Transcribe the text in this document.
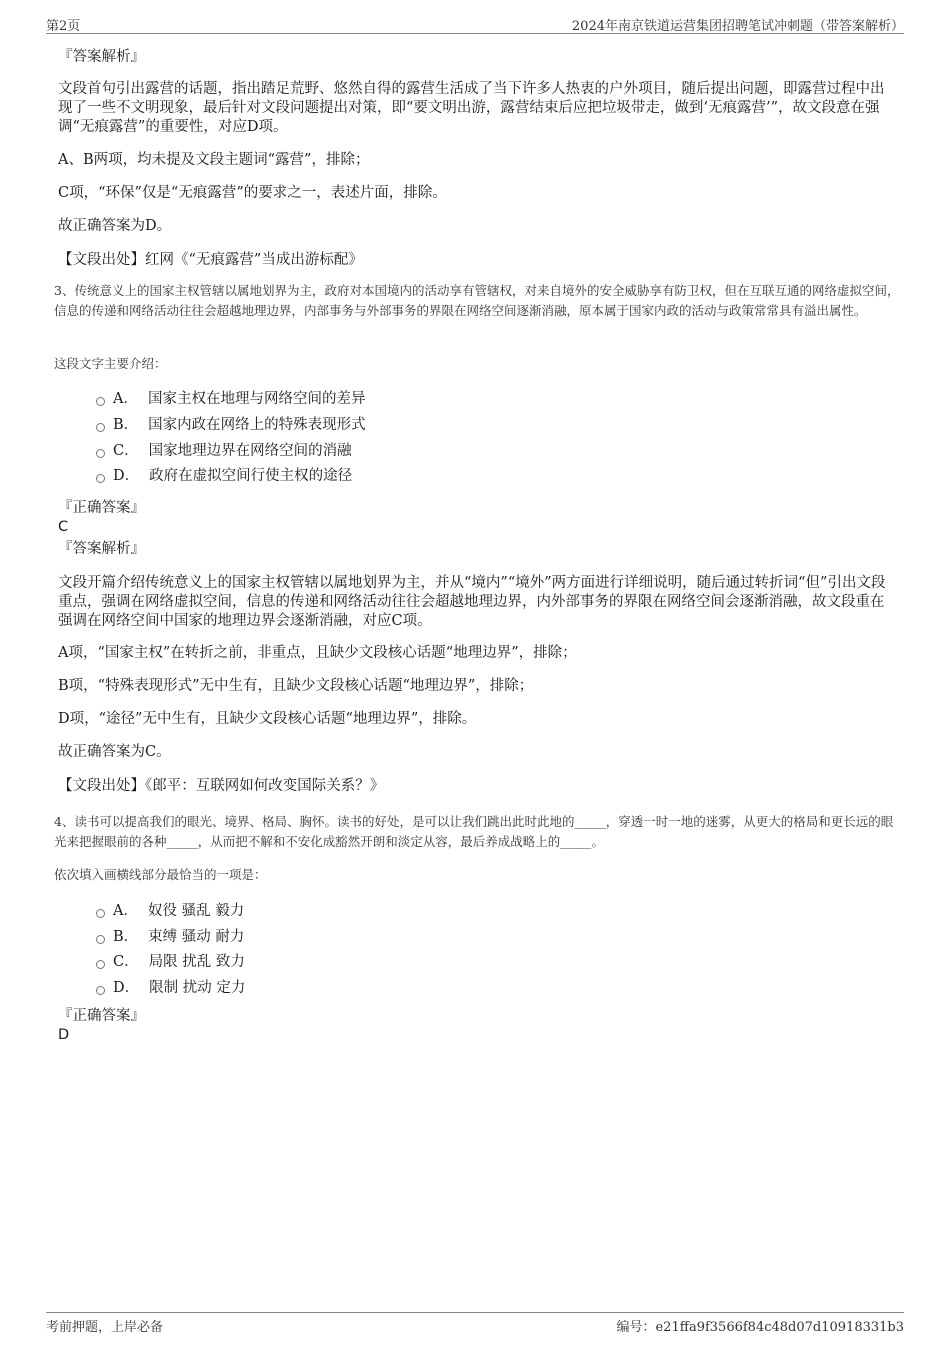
第2页	2024年南京铁道运营集团招聘笔试冲刺题（带答案解析）
『答案解析』
文段首句引出露营的话题，指出踏足荒野、悠然自得的露营生活成了当下许多人热衷的户外项目，随后提出问题，即露营过程中出现了一些不文明现象，最后针对文段问题提出对策，即“要文明出游，露营结束后应把垃圾带走，做到‘无痕露营’”，故文段意在强调“无痕露营”的重要性，对应D项。
A、B两项，均未提及文段主题词“露营”，排除；
C项，“环保”仅是“无痕露营”的要求之一，表述片面，排除。
故正确答案为D。
【文段出处】红网《“无痕露营”当成出游标配》
3、传统意义上的国家主权管辖以属地划界为主，政府对本国境内的活动享有管辖权，对来自境外的安全威胁享有防卫权，但在互联互通的网络虚拟空间，信息的传递和网络活动往往会超越地理边界，内部事务与外部事务的界限在网络空间逐渐消融，原本属于国家内政的活动与政策常常具有溢出属性。
这段文字主要介绍：
A． 国家主权在地理与网络空间的差异
B． 国家内政在网络上的特殊表现形式
C． 国家地理边界在网络空间的消融
D． 政府在虚拟空间行使主权的途径
『正确答案』
C
『答案解析』
文段开篇介绍传统意义上的国家主权管辖以属地划界为主，并从“境内”“境外”两方面进行详细说明，随后通过转折词“但”引出文段重点，强调在网络虚拟空间，信息的传递和网络活动往往会超越地理边界，内外部事务的界限在网络空间会逐渐消融，故文段重在强调在网络空间中国家的地理边界会逐渐消融，对应C项。
A项，“国家主权”在转折之前，非重点，且缺少文段核心话题“地理边界”，排除；
B项，“特殊表现形式”无中生有，且缺少文段核心话题“地理边界”，排除；
D项，“途径”无中生有，且缺少文段核心话题“地理边界”，排除。
故正确答案为C。
【文段出处】《郎平：互联网如何改变国际关系？》
4、读书可以提高我们的眼光、境界、格局、胸怀。读书的好处，是可以让我们跳出此时此地的_____，穿透一时一地的迷雾，从更大的格局和更长远的眼光来把握眼前的各种_____，从而把不解和不安化成豁然开朗和淡定从容，最后养成战略上的_____。
依次填入画横线部分最恰当的一项是：
A． 奴役 骚乱 毅力
B． 束缚 骚动 耐力
C． 局限 扰乱 致力
D． 限制 扰动 定力
『正确答案』
D
考前押题，上岸必备	编号：e21ffa9f3566f84c48d07d10918331b3
